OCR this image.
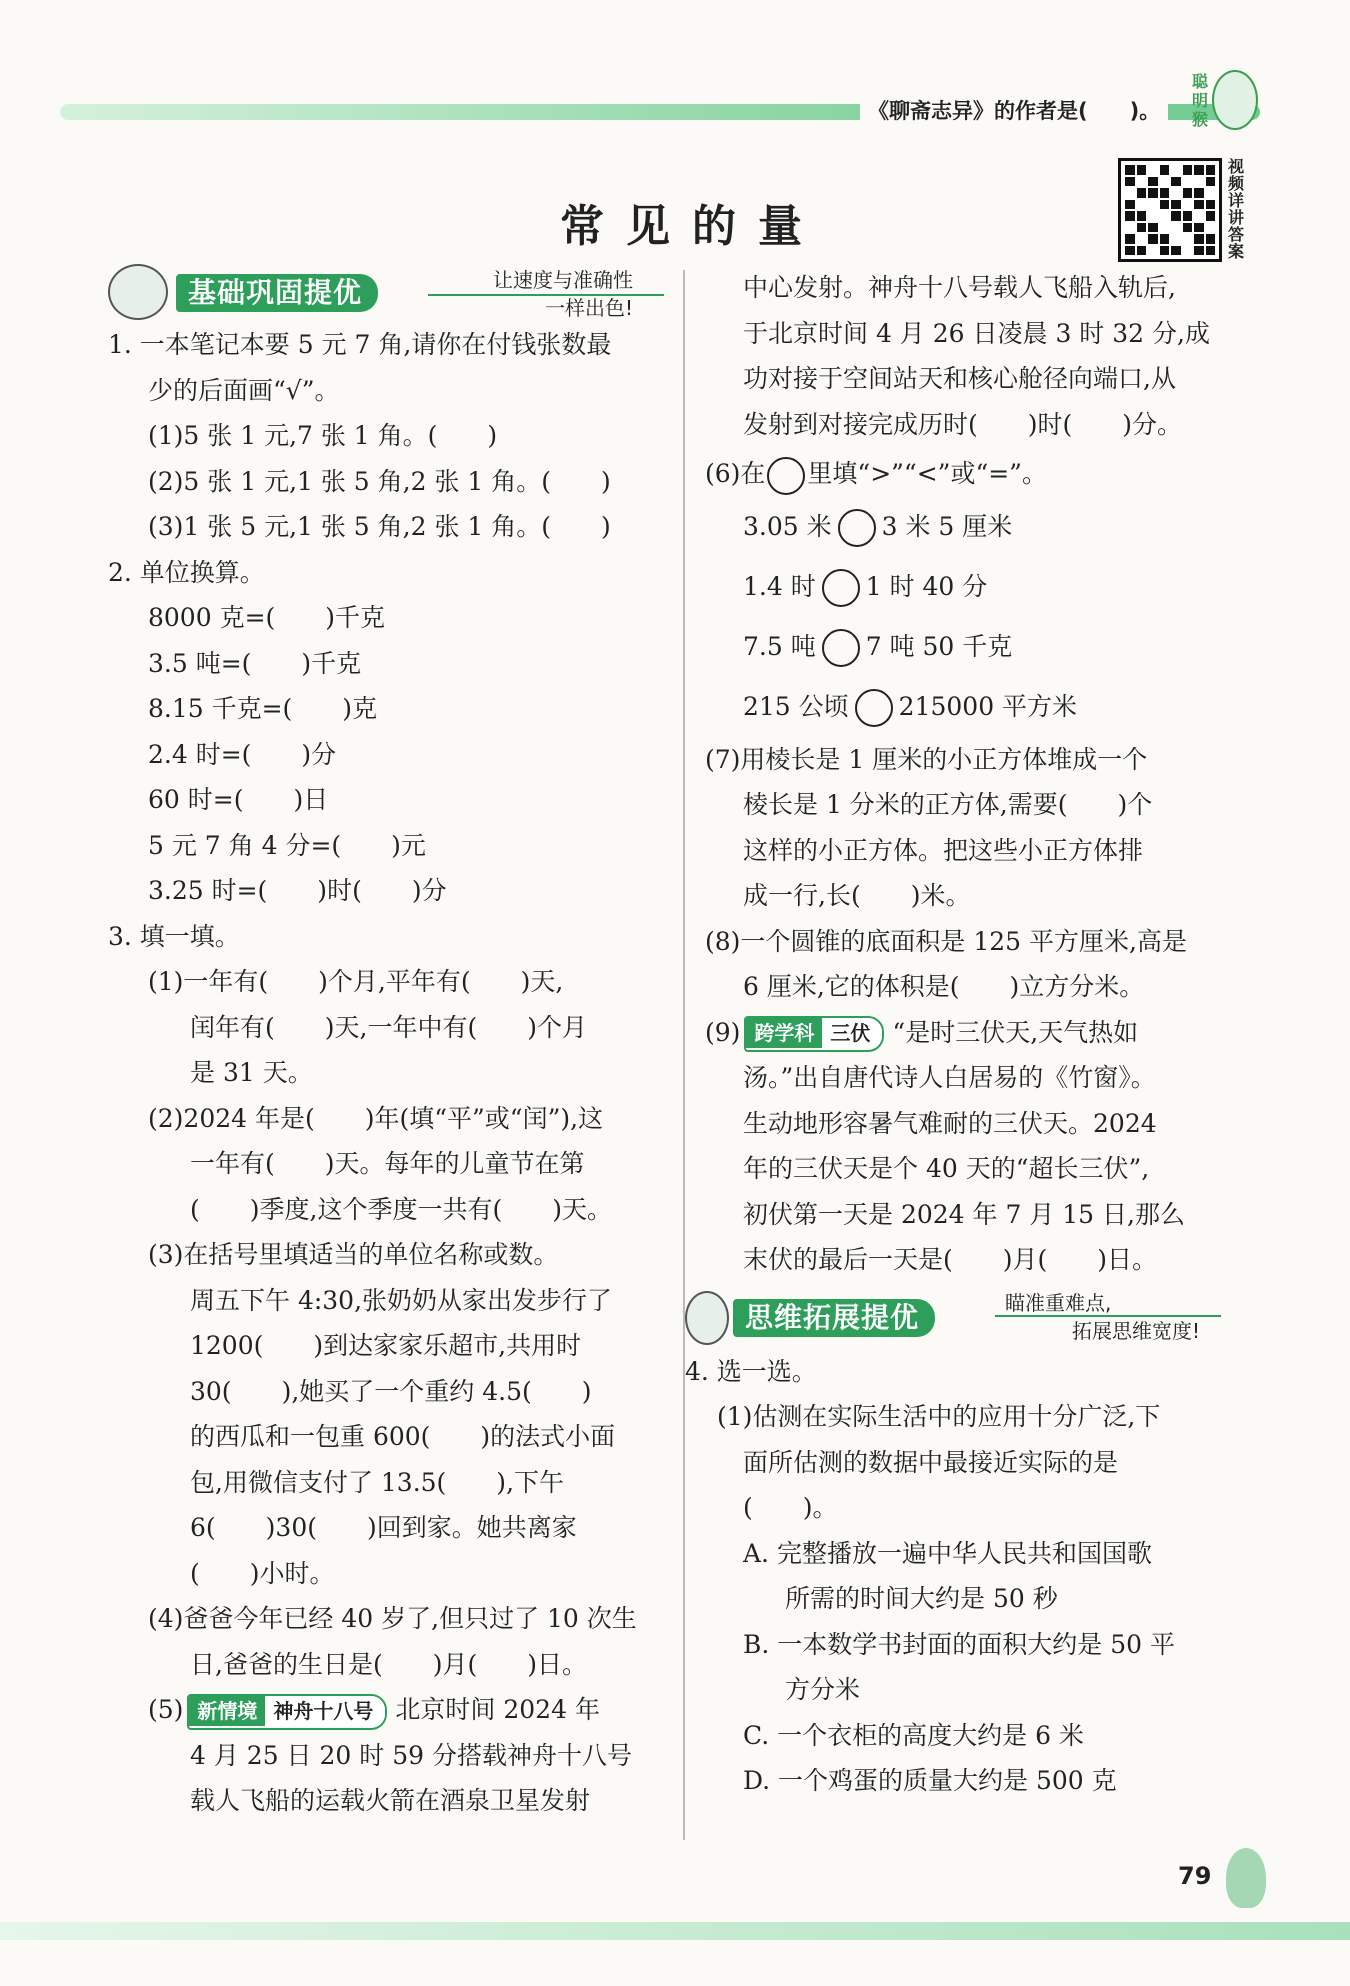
《聊斋志异》的作者是(　　)。
聪明猴
常见的量
视频详讲答案
基础巩固提优	让速度与准确性
一样出色!
1. 一本笔记本要 5 元 7 角,请你在付钱张数最
少的后面画“√”。
(1)5 张 1 元,7 张 1 角。(　　)
(2)5 张 1 元,1 张 5 角,2 张 1 角。(　　)
(3)1 张 5 元,1 张 5 角,2 张 1 角。(　　)
2. 单位换算。
8000 克=(　　)千克
3.5 吨=(　　)千克
8.15 千克=(　　)克
2.4 时=(　　)分
60 时=(　　)日
5 元 7 角 4 分=(　　)元
3.25 时=(　　)时(　　)分
3. 填一填。
(1)一年有(　　)个月,平年有(　　)天,
闰年有(　　)天,一年中有(　　)个月
是 31 天。
(2)2024 年是(　　)年(填“平”或“闰”),这
一年有(　　)天。每年的儿童节在第
(　　)季度,这个季度一共有(　　)天。
(3)在括号里填适当的单位名称或数。
周五下午 4:30,张奶奶从家出发步行了
1200(　　)到达家家乐超市,共用时
30(　　),她买了一个重约 4.5(　　)
的西瓜和一包重 600(　　)的法式小面
包,用微信支付了 13.5(　　),下午
6(　　)30(　　)回到家。她共离家
(　　)小时。
(4)爸爸今年已经 40 岁了,但只过了 10 次生
日,爸爸的生日是(　　)月(　　)日。
(5) 新情境 神舟十八号 北京时间 2024 年
4 月 25 日 20 时 59 分搭载神舟十八号
载人飞船的运载火箭在酒泉卫星发射
中心发射。神舟十八号载人飞船入轨后,
于北京时间 4 月 26 日凌晨 3 时 32 分,成
功对接于空间站天和核心舱径向端口,从
发射到对接完成历时(　　)时(　　)分。
(6)在 里填“>”“<”或“=”。
3.05 米 3 米 5 厘米
1.4 时 1 时 40 分
7.5 吨 7 吨 50 千克
215 公顷 215000 平方米
(7)用棱长是 1 厘米的小正方体堆成一个
棱长是 1 分米的正方体,需要(　　)个
这样的小正方体。把这些小正方体排
成一行,长(　　)米。
(8)一个圆锥的底面积是 125 平方厘米,高是
6 厘米,它的体积是(　　)立方分米。
(9) 跨学科 三伏 “是时三伏天,天气热如
汤。”出自唐代诗人白居易的《竹窗》。
生动地形容暑气难耐的三伏天。2024
年的三伏天是个 40 天的“超长三伏”,
初伏第一天是 2024 年 7 月 15 日,那么
末伏的最后一天是(　　)月(　　)日。
思维拓展提优	瞄准重难点,
拓展思维宽度!
4. 选一选。
(1)估测在实际生活中的应用十分广泛,下
面所估测的数据中最接近实际的是
(　　)。
A. 完整播放一遍中华人民共和国国歌
所需的时间大约是 50 秒
B. 一本数学书封面的面积大约是 50 平
方分米
C. 一个衣柜的高度大约是 6 米
D. 一个鸡蛋的质量大约是 500 克
79
